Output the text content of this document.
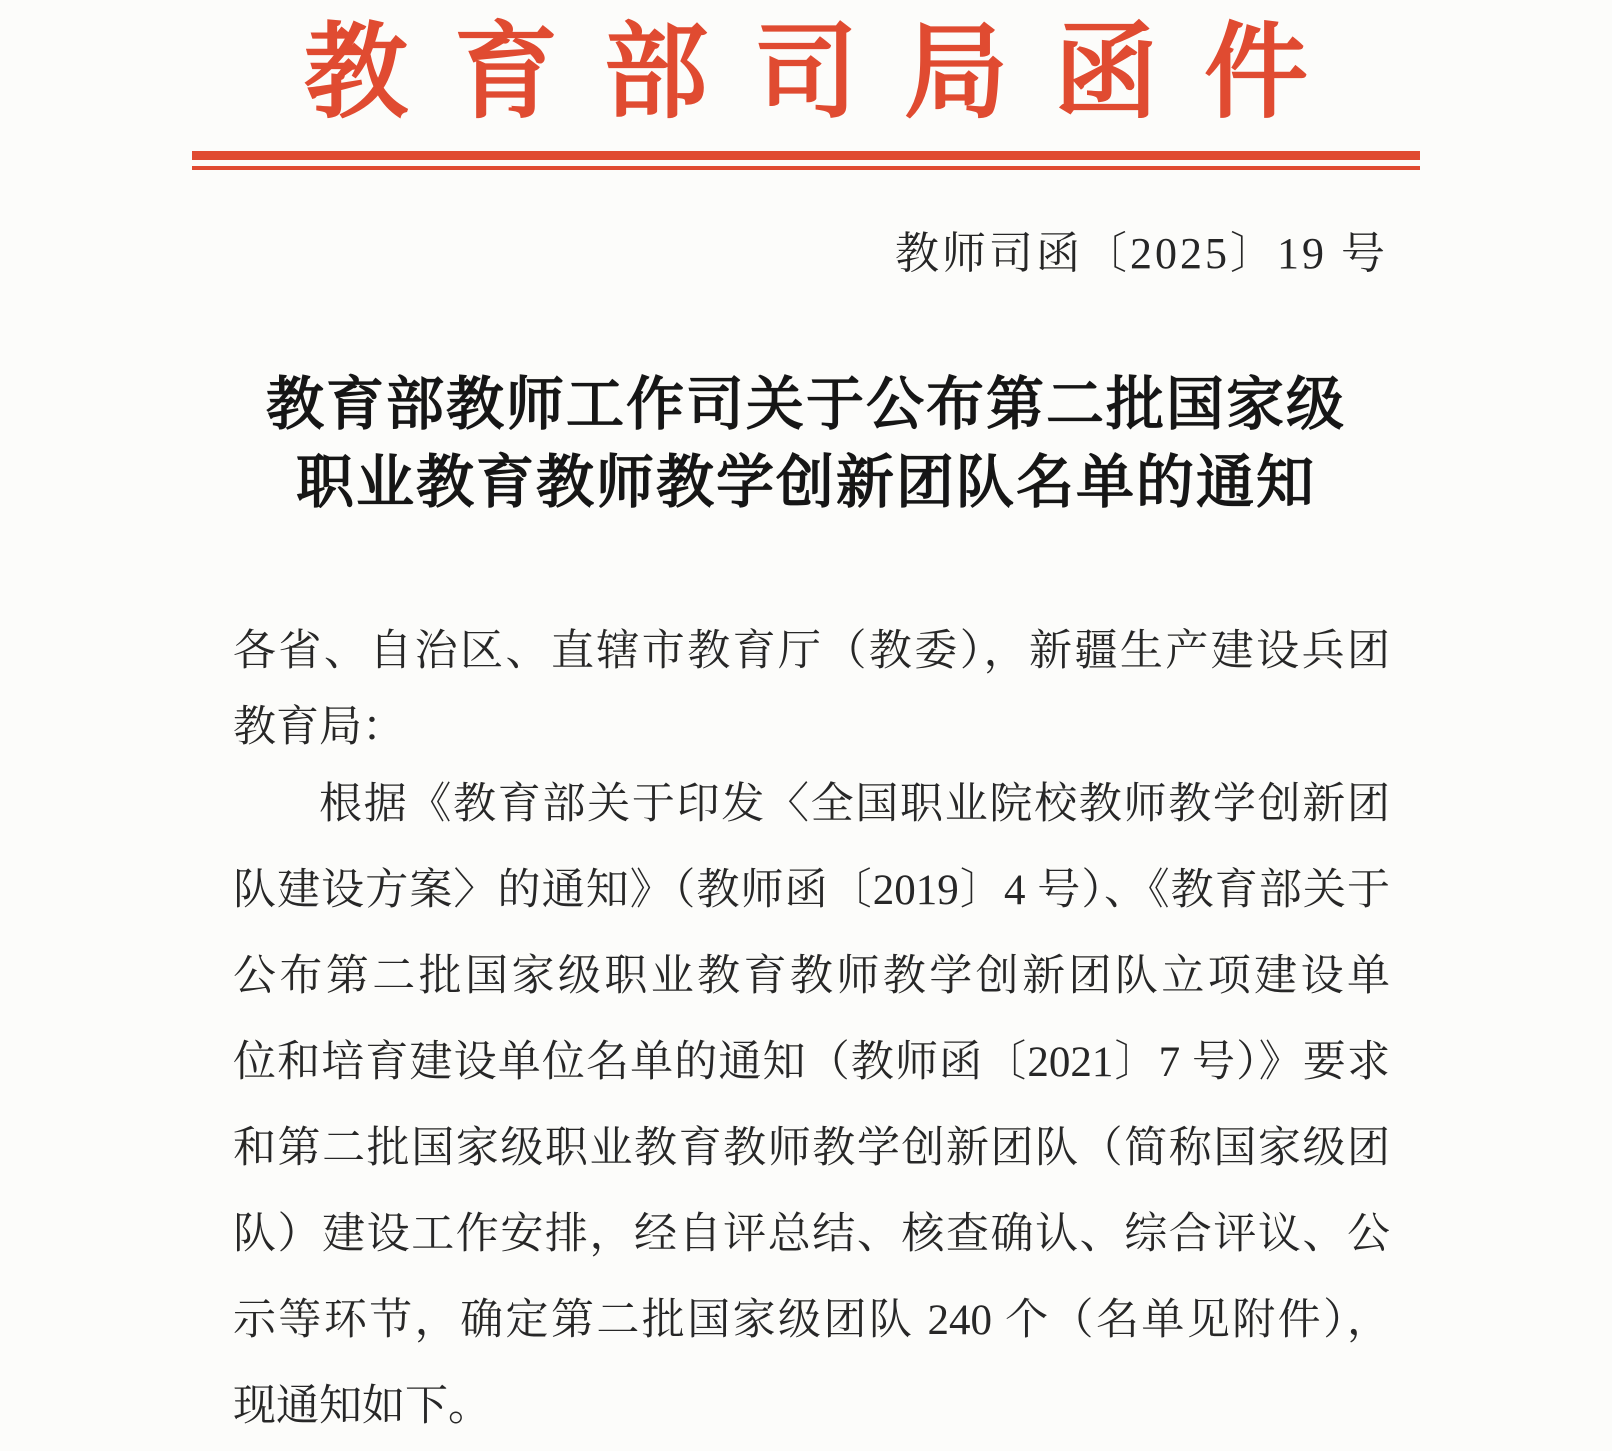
教育部司局函件
教师司函〔2025〕19 号
教育部教师工作司关于公布第二批国家级
职业教育教师教学创新团队名单的通知
各省、自治区、直辖市教育厅（教委），新疆生产建设兵团
教育局：
根据《教育部关于印发〈全国职业院校教师教学创新团
队建设方案〉的通知》（教师函〔2019〕4 号）、《教育部关于
公布第二批国家级职业教育教师教学创新团队立项建设单
位和培育建设单位名单的通知（教师函〔2021〕7 号）》要求
和第二批国家级职业教育教师教学创新团队（简称国家级团
队）建设工作安排，经自评总结、核查确认、综合评议、公
示等环节，确定第二批国家级团队 240 个（名单见附件），
现通知如下。
